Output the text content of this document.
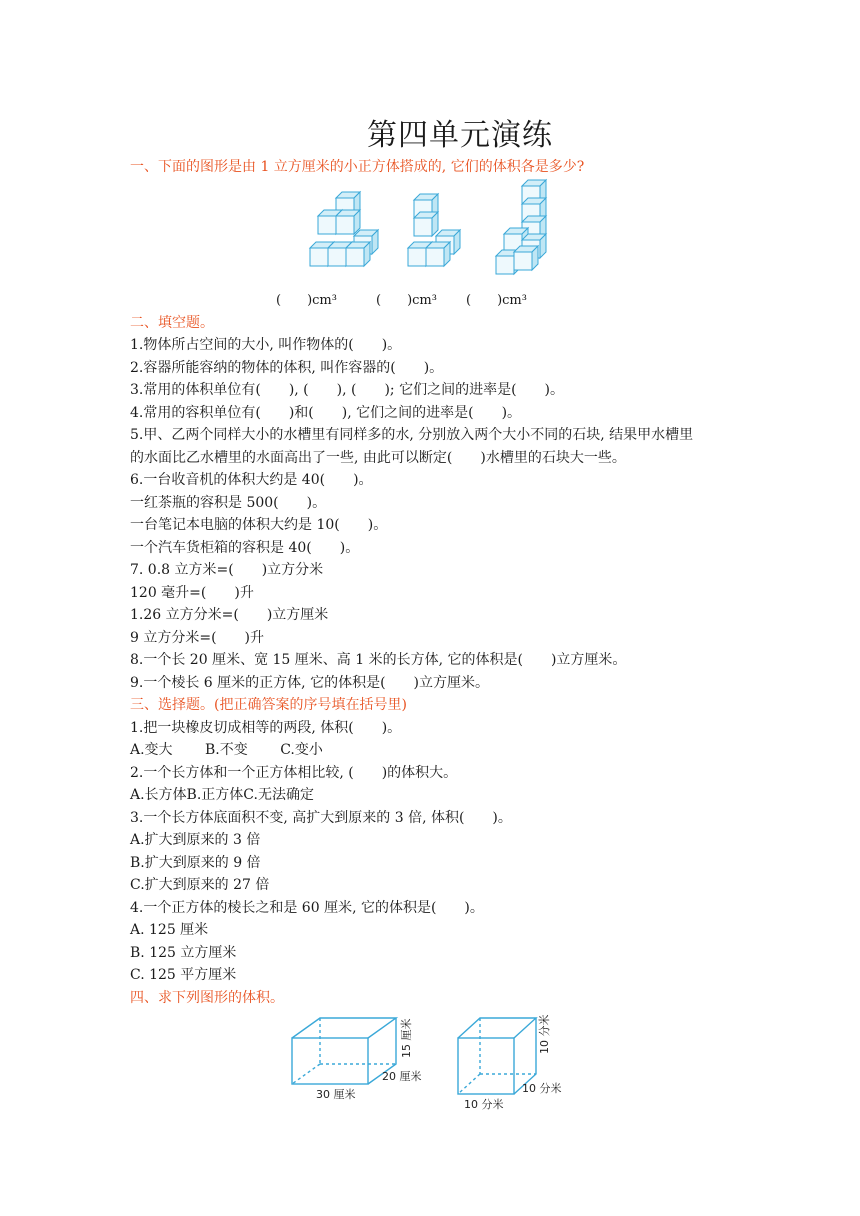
第四单元演练
一、下面的图形是由 1 立方厘米的小正方体搭成的, 它们的体积各是多少?
(　　)cm³	(　　)cm³ (　　)cm³
二、填空题。
1.物体所占空间的大小, 叫作物体的(　　)。
2.容器所能容纳的物体的体积, 叫作容器的(　　)。
3.常用的体积单位有(　　), (　　), (　　); 它们之间的进率是(　　)。
4.常用的容积单位有(　　)和(　　), 它们之间的进率是(　　)。
5.甲、乙两个同样大小的水槽里有同样多的水, 分别放入两个大小不同的石块, 结果甲水槽里
的水面比乙水槽里的水面高出了一些, 由此可以断定(　　)水槽里的石块大一些。
6.一台收音机的体积大约是 40(　　)。
一红茶瓶的容积是 500(　　)。
一台笔记本电脑的体积大约是 10(　　)。
一个汽车货柜箱的容积是 40(　　)。
7. 0.8 立方米=(　　)立方分米
120 毫升=(　　)升
1.26 立方分米=(　　)立方厘米
9 立方分米=(　　)升
8.一个长 20 厘米、宽 15 厘米、高 1 米的长方体, 它的体积是(　　)立方厘米。
9.一个棱长 6 厘米的正方体, 它的体积是(　　)立方厘米。
三、选择题。(把正确答案的序号填在括号里)
1.把一块橡皮切成相等的两段, 体积(　　)。
A.变大　　 B.不变　　 C.变小
2.一个长方体和一个正方体相比较, (　　)的体积大。
A.长方体B.正方体C.无法确定
3.一个长方体底面积不变, 高扩大到原来的 3 倍, 体积(　　)。
A.扩大到原来的 3 倍
B.扩大到原来的 9 倍
C.扩大到原来的 27 倍
4.一个正方体的棱长之和是 60 厘米, 它的体积是(　　)。
A. 125 厘米
B. 125 立方厘米
C. 125 平方厘米
四、求下列图形的体积。
30 厘米
20 厘米
15 厘米
10 分米
10 分米
10 分米
